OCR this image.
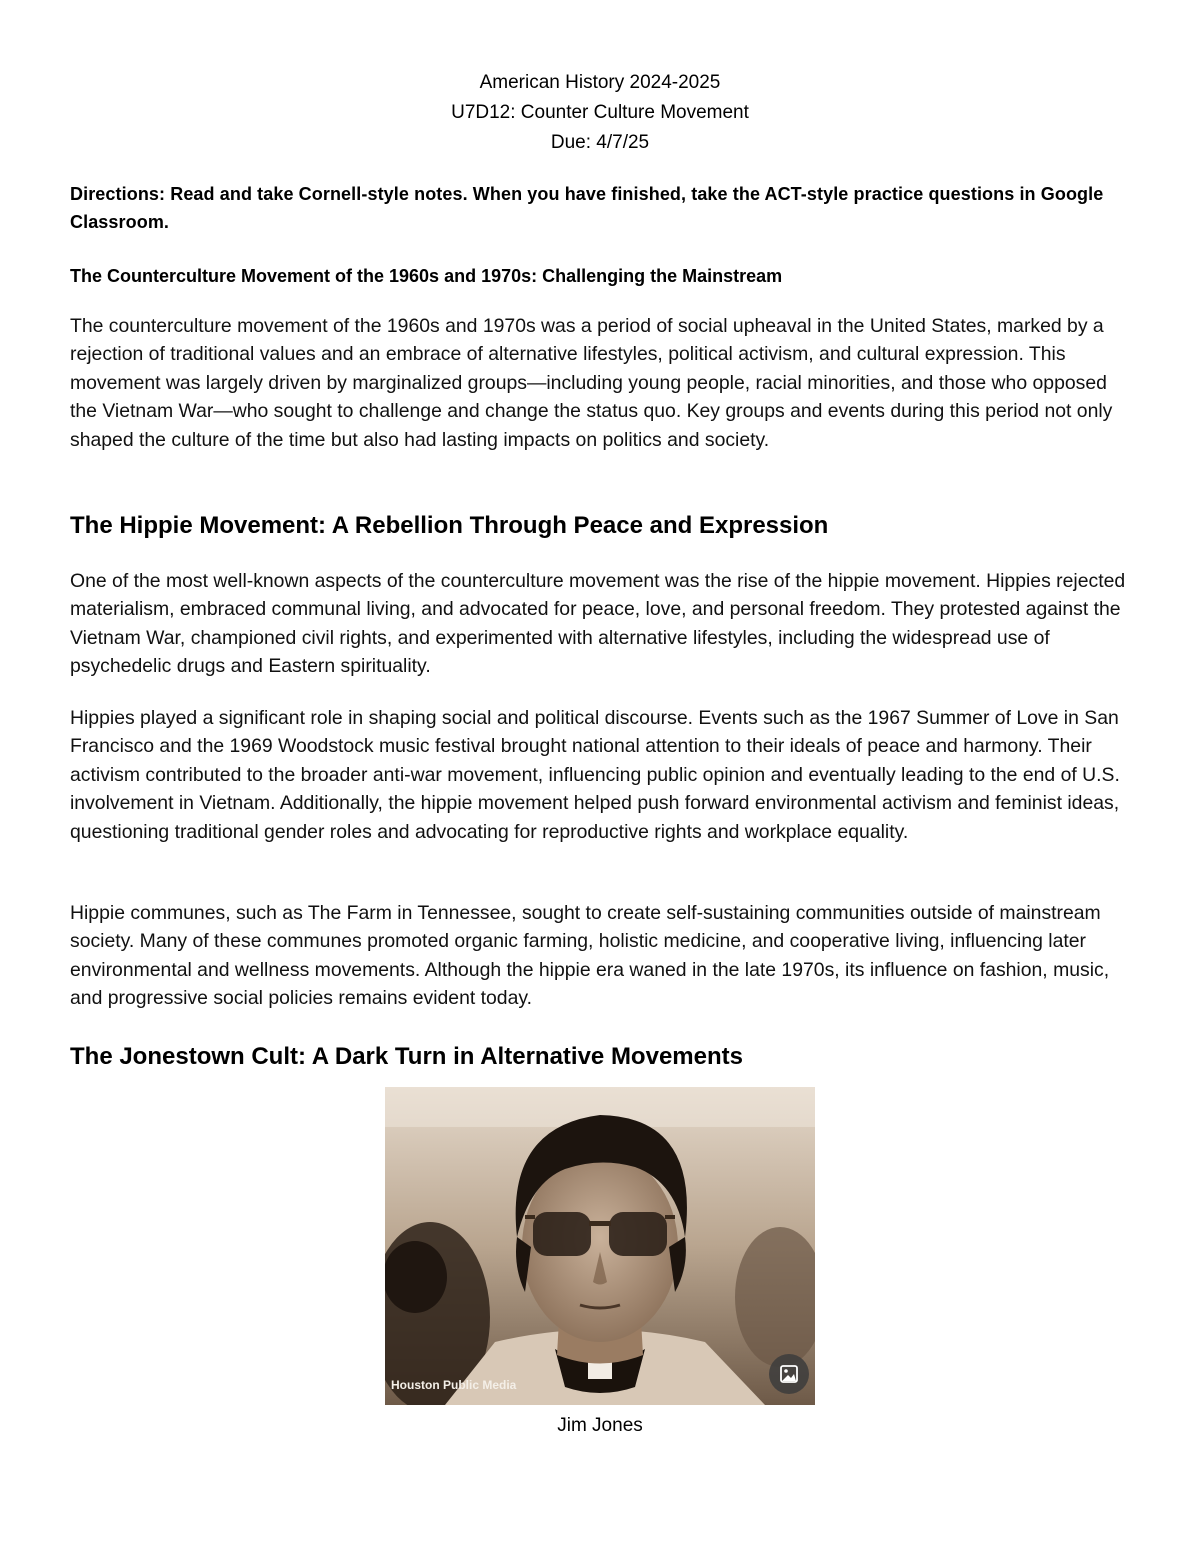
American History 2024-2025
U7D12: Counter Culture Movement
Due: 4/7/25
Directions: Read and take Cornell-style notes. When you have finished, take the ACT-style practice questions in Google Classroom.
The Counterculture Movement of the 1960s and 1970s: Challenging the Mainstream
The counterculture movement of the 1960s and 1970s was a period of social upheaval in the United States, marked by a rejection of traditional values and an embrace of alternative lifestyles, political activism, and cultural expression. This movement was largely driven by marginalized groups—including young people, racial minorities, and those who opposed the Vietnam War—who sought to challenge and change the status quo. Key groups and events during this period not only shaped the culture of the time but also had lasting impacts on politics and society.
The Hippie Movement: A Rebellion Through Peace and Expression
One of the most well-known aspects of the counterculture movement was the rise of the hippie movement. Hippies rejected materialism, embraced communal living, and advocated for peace, love, and personal freedom. They protested against the Vietnam War, championed civil rights, and experimented with alternative lifestyles, including the widespread use of psychedelic drugs and Eastern spirituality.
Hippies played a significant role in shaping social and political discourse. Events such as the 1967 Summer of Love in San Francisco and the 1969 Woodstock music festival brought national attention to their ideals of peace and harmony. Their activism contributed to the broader anti-war movement, influencing public opinion and eventually leading to the end of U.S. involvement in Vietnam. Additionally, the hippie movement helped push forward environmental activism and feminist ideas, questioning traditional gender roles and advocating for reproductive rights and workplace equality.
Hippie communes, such as The Farm in Tennessee, sought to create self-sustaining communities outside of mainstream society. Many of these communes promoted organic farming, holistic medicine, and cooperative living, influencing later environmental and wellness movements. Although the hippie era waned in the late 1970s, its influence on fashion, music, and progressive social policies remains evident today.
The Jonestown Cult: A Dark Turn in Alternative Movements
Houston Public Media
Jim Jones
